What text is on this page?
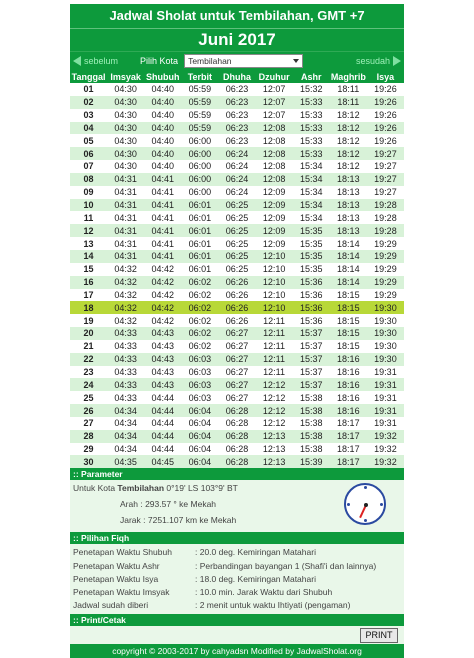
Jadwal Sholat untuk Tembilahan, GMT +7
Juni 2017
sebelum Pilih Kota	Tembilahan	sesudah
Tanggal	Imsyak	Shubuh	Terbit	Dhuha	Dzuhur	Ashr	Maghrib	Isya
01	04:30	04:40	05:59	06:23	12:07	15:32	18:11	19:26
02	04:30	04:40	05:59	06:23	12:07	15:33	18:11	19:26
03	04:30	04:40	05:59	06:23	12:07	15:33	18:12	19:26
04	04:30	04:40	05:59	06:23	12:08	15:33	18:12	19:26
05	04:30	04:40	06:00	06:23	12:08	15:33	18:12	19:26
06	04:30	04:40	06:00	06:24	12:08	15:33	18:12	19:27
07	04:30	04:40	06:00	06:24	12:08	15:34	18:12	19:27
08	04:31	04:41	06:00	06:24	12:08	15:34	18:13	19:27
09	04:31	04:41	06:00	06:24	12:09	15:34	18:13	19:27
10	04:31	04:41	06:01	06:25	12:09	15:34	18:13	19:28
11	04:31	04:41	06:01	06:25	12:09	15:34	18:13	19:28
12	04:31	04:41	06:01	06:25	12:09	15:35	18:13	19:28
13	04:31	04:41	06:01	06:25	12:09	15:35	18:14	19:29
14	04:31	04:41	06:01	06:25	12:10	15:35	18:14	19:29
15	04:32	04:42	06:01	06:25	12:10	15:35	18:14	19:29
16	04:32	04:42	06:02	06:26	12:10	15:36	18:14	19:29
17	04:32	04:42	06:02	06:26	12:10	15:36	18:15	19:29
18	04:32	04:42	06:02	06:26	12:10	15:36	18:15	19:30
19	04:32	04:42	06:02	06:26	12:11	15:36	18:15	19:30
20	04:33	04:43	06:02	06:27	12:11	15:37	18:15	19:30
21	04:33	04:43	06:02	06:27	12:11	15:37	18:15	19:30
22	04:33	04:43	06:03	06:27	12:11	15:37	18:16	19:30
23	04:33	04:43	06:03	06:27	12:11	15:37	18:16	19:31
24	04:33	04:43	06:03	06:27	12:12	15:37	18:16	19:31
25	04:33	04:44	06:03	06:27	12:12	15:38	18:16	19:31
26	04:34	04:44	06:04	06:28	12:12	15:38	18:16	19:31
27	04:34	04:44	06:04	06:28	12:12	15:38	18:17	19:31
28	04:34	04:44	06:04	06:28	12:13	15:38	18:17	19:32
29	04:34	04:44	06:04	06:28	12:13	15:38	18:17	19:32
30	04:35	04:45	06:04	06:28	12:13	15:39	18:17	19:32
:: Parameter
Untuk Kota Tembilahan 0°19' LS 103°9' BT
Arah : 293.57 ° ke Mekah
Jarak : 7251.107 km ke Mekah
:: Pilihan Fiqh
Penetapan Waktu Shubuh	: 20.0 deg. Kemiringan Matahari
Penetapan Waktu Ashr	: Perbandingan bayangan 1 (Shafi'i dan lainnya)
Penetapan Waktu Isya	: 18.0 deg. Kemiringan Matahari
Penetapan Waktu Imsyak	: 10.0 min. Jarak Waktu dari Shubuh
Jadwal sudah diberi	: 2 menit untuk waktu Ihtiyati (pengaman)
:: Print/Cetak
PRINT
copyright © 2003-2017 by cahyadsn Modified by JadwalSholat.org
